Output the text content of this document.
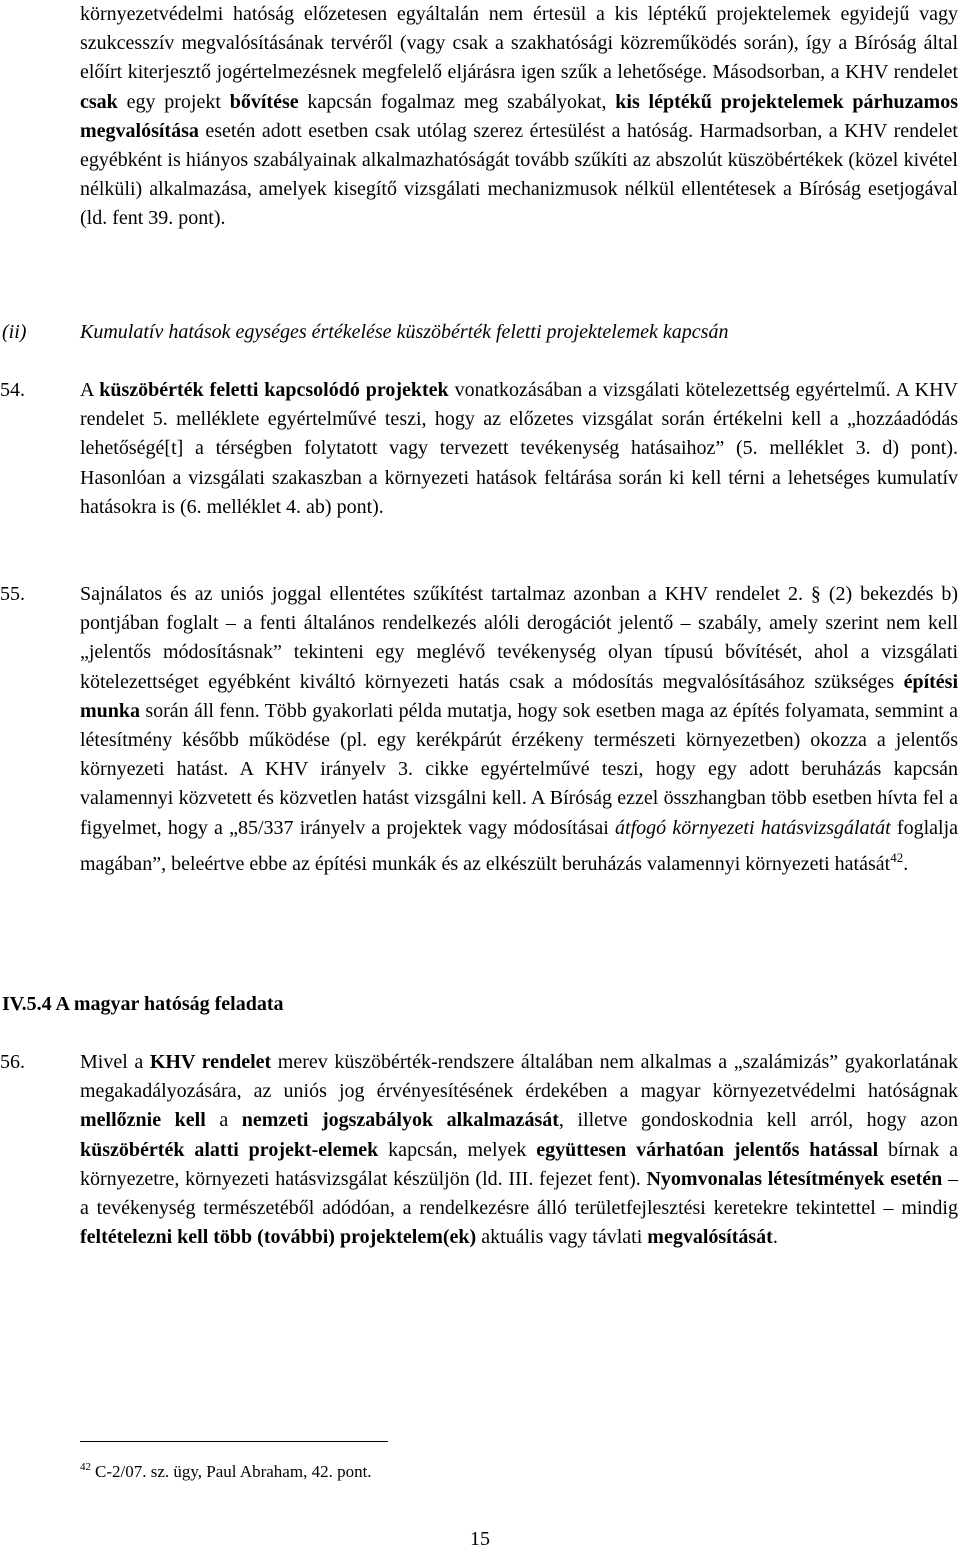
környezetvédelmi hatóság előzetesen egyáltalán nem értesül a kis léptékű projektelemek egyidejű vagy szukcesszív megvalósításának tervéről (vagy csak a szakhatósági közreműködés során), így a Bíróság által előírt kiterjesztő jogértelmezésnek megfelelő eljárásra igen szűk a lehetősége. Másodsorban, a KHV rendelet csak egy projekt bővítése kapcsán fogalmaz meg szabályokat, kis léptékű projektelemek párhuzamos megvalósítása esetén adott esetben csak utólag szerez értesülést a hatóság. Harmadsorban, a KHV rendelet egyébként is hiányos szabályainak alkalmazhatóságát tovább szűkíti az abszolút küszöbértékek (közel kivétel nélküli) alkalmazása, amelyek kisegítő vizsgálati mechanizmusok nélkül ellentétesek a Bíróság esetjogával (ld. fent 39. pont).

(ii)	Kumulatív hatások egységes értékelése küszöbérték feletti projektelemek kapcsán
54.	A küszöbérték feletti kapcsolódó projektek vonatkozásában a vizsgálati kötelezettség egyértelmű. A KHV rendelet 5. melléklete egyértelművé teszi, hogy az előzetes vizsgálat során értékelni kell a „hozzáadódás lehetőségé[t] a térségben folytatott vagy tervezett tevékenység hatásaihoz” (5. melléklet 3. d) pont). Hasonlóan a vizsgálati szakaszban a környezeti hatások feltárása során ki kell térni a lehetséges kumulatív hatásokra is (6. melléklet 4. ab) pont).

55.	Sajnálatos és az uniós joggal ellentétes szűkítést tartalmaz azonban a KHV rendelet 2. § (2) bekezdés b) pontjában foglalt – a fenti általános rendelkezés alóli derogációt jelentő – szabály, amely szerint nem kell „jelentős módosításnak” tekinteni egy meglévő tevékenység olyan típusú bővítését, ahol a vizsgálati kötelezettséget egyébként kiváltó környezeti hatás csak a módosítás megvalósításához szükséges építési munka során áll fenn. Több gyakorlati példa mutatja, hogy sok esetben maga az építés folyamata, semmint a létesítmény később működése (pl. egy kerékpárút érzékeny természeti környezetben) okozza a jelentős környezeti hatást. A KHV irányelv 3. cikke egyértelművé teszi, hogy egy adott beruházás kapcsán valamennyi közvetett és közvetlen hatást vizsgálni kell. A Bíróság ezzel összhangban több esetben hívta fel a figyelmet, hogy a „85/337 irányelv a projektek vagy módosításai átfogó környezeti hatásvizsgálatát foglalja magában”, beleértve ebbe az építési munkák és az elkészült beruházás valamennyi környezeti hatását$^{42}$.

IV.5.4 A magyar hatóság feladata
56.	Mivel a KHV rendelet merev küszöbérték-rendszere általában nem alkalmas a „szalámizás” gyakorlatának megakadályozására, az uniós jog érvényesítésének érdekében a magyar környezetvédelmi hatóságnak mellőznie kell a nemzeti jogszabályok alkalmazását, illetve gondoskodnia kell arról, hogy azon küszöbérték alatti projekt-elemek kapcsán, melyek együttesen várhatóan jelentős hatással bírnak a környezetre, környezeti hatásvizsgálat készüljön (ld. III. fejezet fent). Nyomvonalas létesítmények esetén – a tevékenység természetéből adódóan, a rendelkezésre álló területfejlesztési keretekre tekintettel – mindig feltételezni kell több (további) projektelem(ek) aktuális vagy távlati megvalósítását.

$^{42}$ C-2/07. sz. ügy, Paul Abraham, 42. pont.
15
